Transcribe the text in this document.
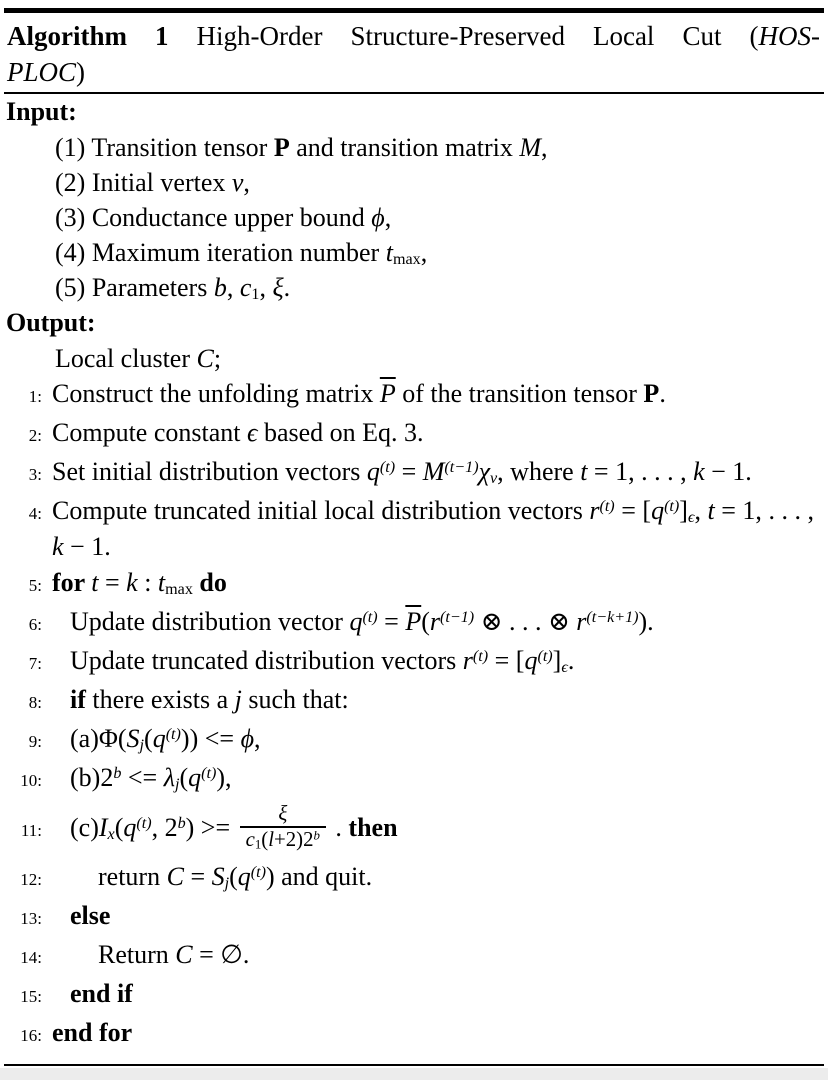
Algorithm 1 High-Order Structure-Preserved Local Cut (HOS-
PLOC)
Input:
(1) Transition tensor P and transition matrix M,
(2) Initial vertex v,
(3) Conductance upper bound ϕ,
(4) Maximum iteration number tmax,
(5) Parameters b, c1, ξ.
Output:
Local cluster C;
1: Construct the unfolding matrix $\overline{P}$ of the transition tensor P.
2: Compute constant ϵ based on Eq. 3.
3: Set initial distribution vectors $q^{(t)} = M^{(t-1)}\chi v$, where t = 1, . . . , k − 1.
4: Compute truncated initial local distribution vectors $r^{(t)} = [q^{(t)}]\epsilon$, t = 1, . . . , k − 1.
5: for t = k : tmax do
6:	Update distribution vector $q^{(t)} = \overline{P}(r^{(t-1)}$ ⊗ . . . ⊗ $r^{(t-k+1)}$).
7:	Update truncated distribution vectors $r^{(t)} = [q^{(t)}]\epsilon$.
8:	if there exists a j such that:
9:	$(a)\Phi(Sj(q^{(t)})) <= \phi$,
10:	$(b)2^b <= \lambda j(q^{(t)})$,
11:	$(c)Ix(q^{(t)}$, $2^b) >= \frac{\xi}{c1(l+2)2^b}$ . then
12:	return $C = Sj(q^{(t)})$ and quit.
13:	else
14:	Return C = ∅.
15:	end if
16: end for
